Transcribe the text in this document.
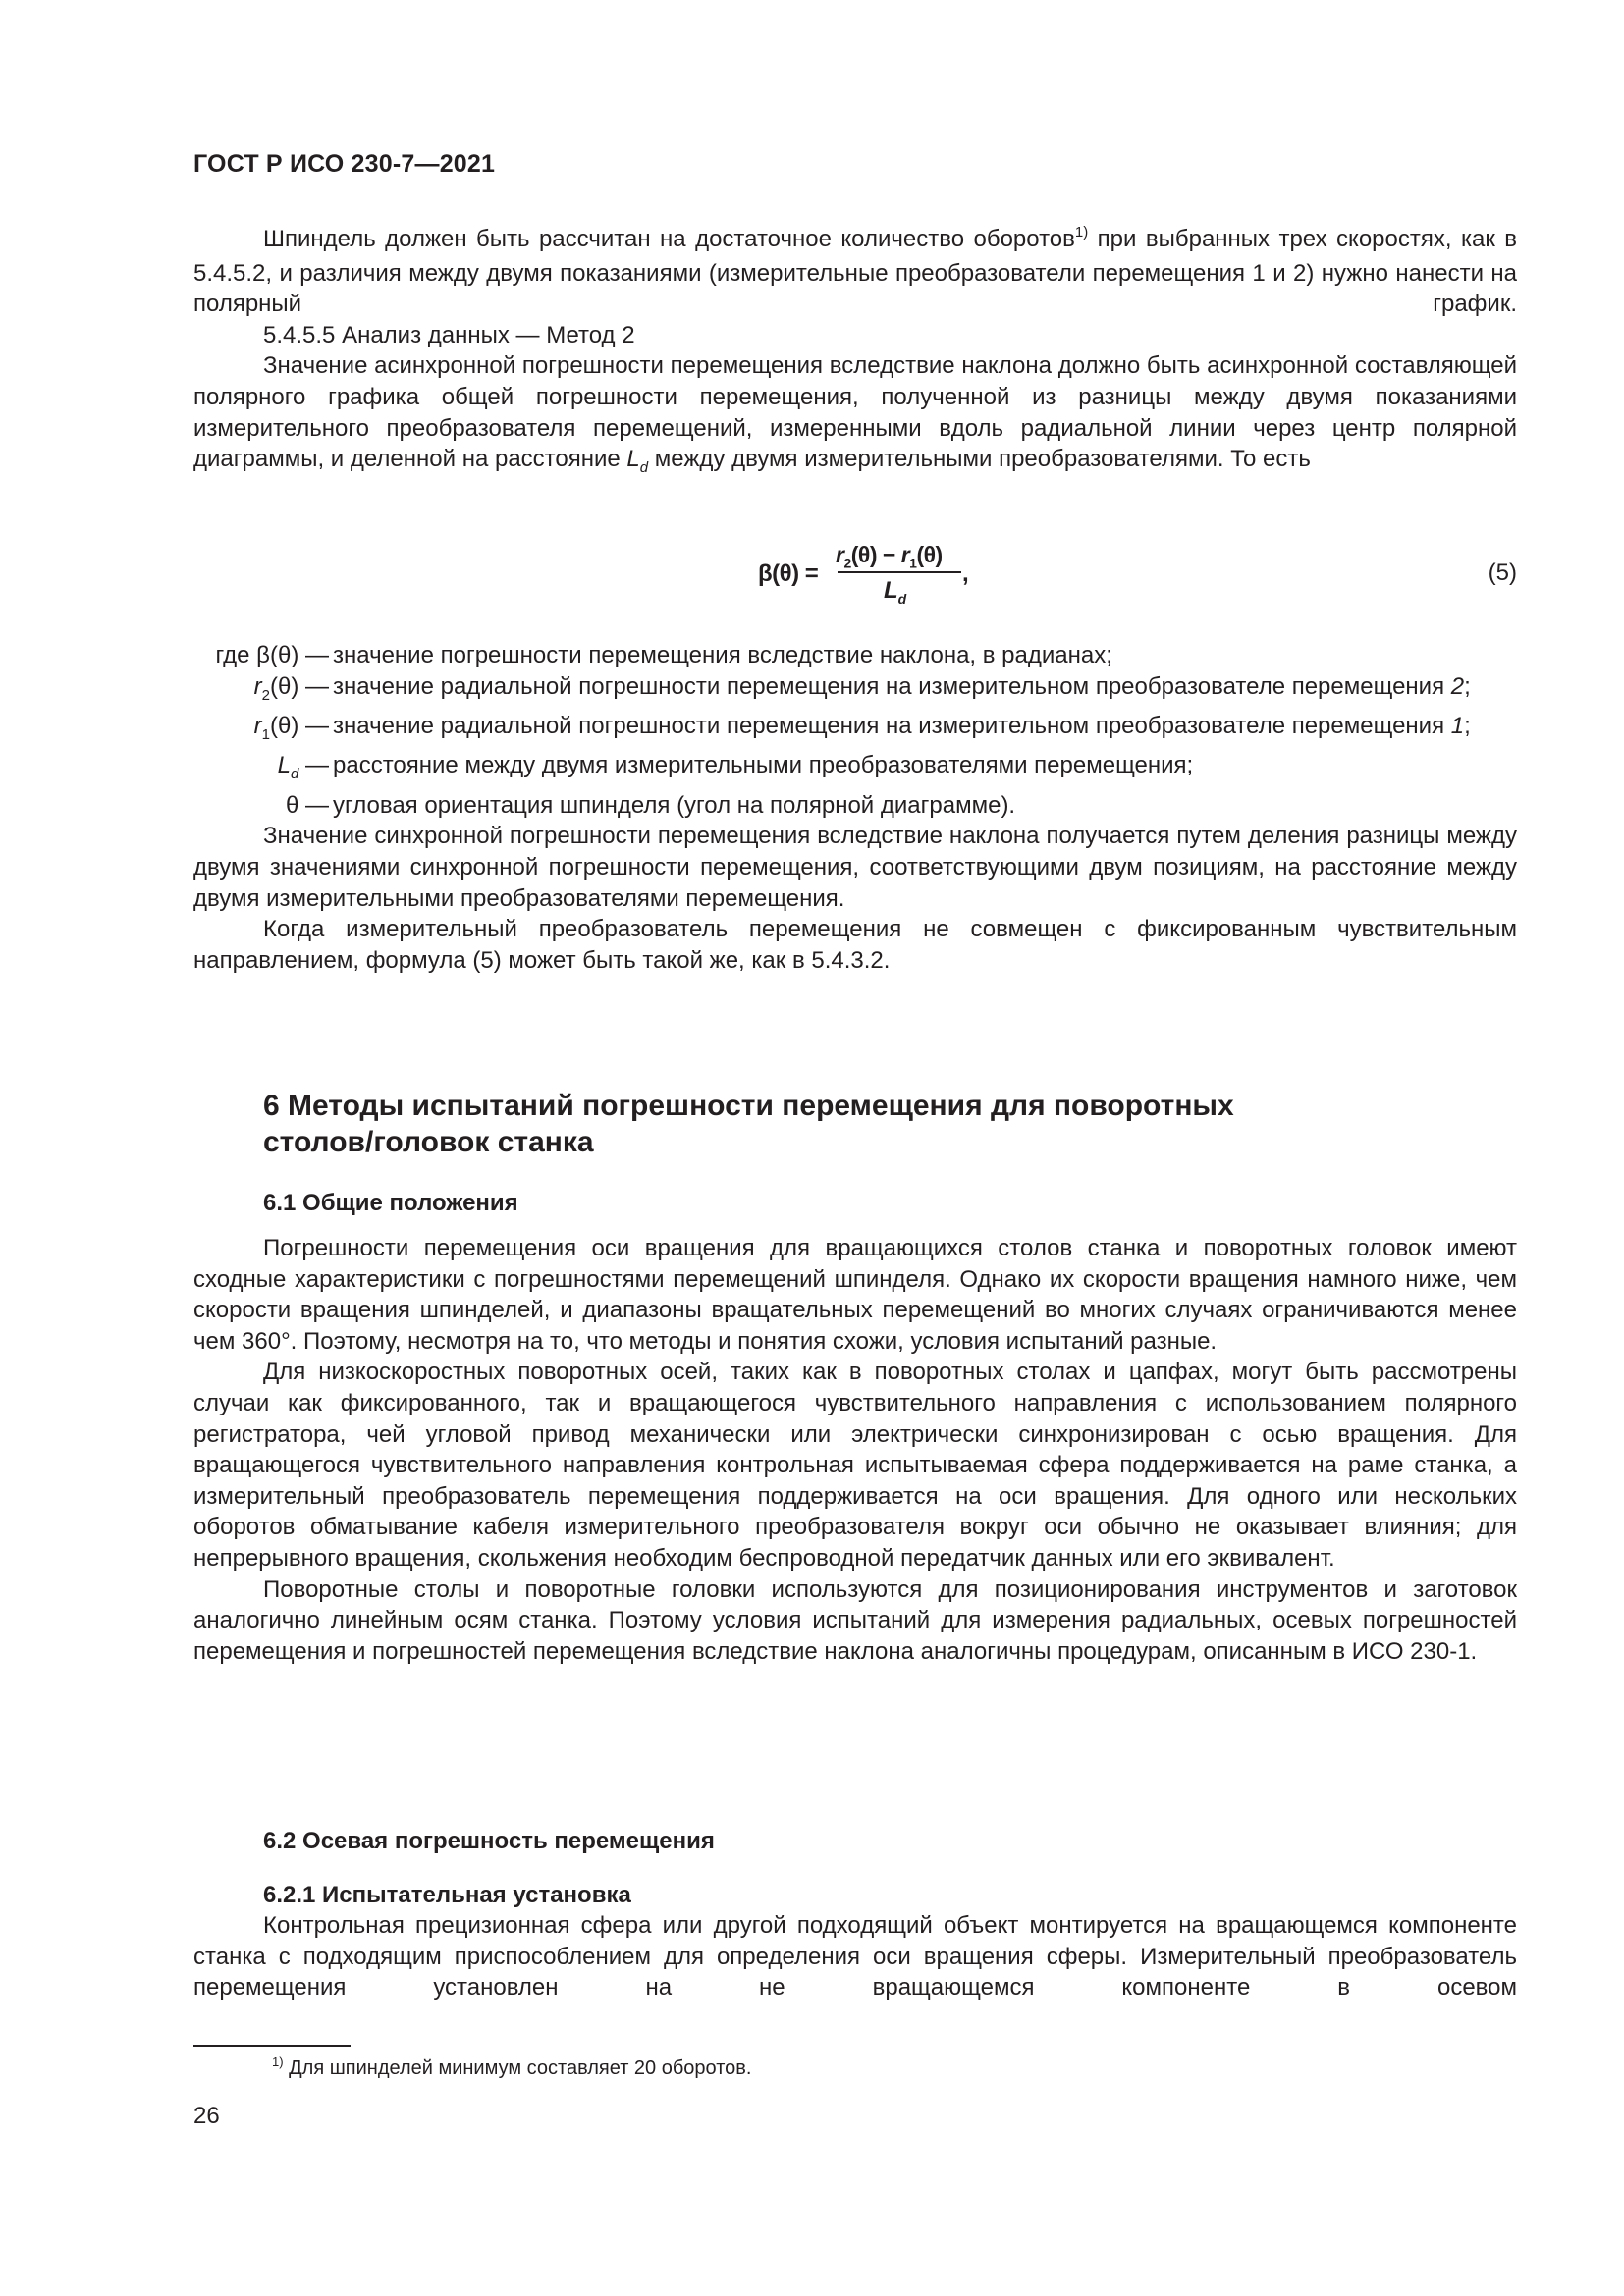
ГОСТ Р ИСО 230-7—2021

Шпиндель должен быть рассчитан на достаточное количество оборотов$^{1)}$ при выбранных трех скоростях, как в 5.4.5.2, и различия между двумя показаниями (измерительные преобразователи перемещения 1 и 2) нужно нанести на полярный график.

5.4.5.5 Анализ данных — Метод 2

Значение асинхронной погрешности перемещения вследствие наклона должно быть асинхронной составляющей полярного графика общей погрешности перемещения, полученной из разницы между двумя показаниями измерительного преобразователя перемещений, измеренными вдоль радиальной линии через центр полярной диаграммы, и деленной на расстояние $L_d$ между двумя измерительными преобразователями. То есть

β(θ) =
$r_2(\theta) - r_1(\theta)$
$L_d$
,	(5)
где β(θ) — значение погрешности перемещения вследствие наклона, в радианах;
$r_2(\theta)$ — значение радиальной погрешности перемещения на измерительном преобразователе перемещения 2;
$r_1(\theta)$ — значение радиальной погрешности перемещения на измерительном преобразователе перемещения 1;
$L_d$ — расстояние между двумя измерительными преобразователями перемещения;
θ — угловая ориентация шпинделя (угол на полярной диаграмме).

Значение синхронной погрешности перемещения вследствие наклона получается путем деления разницы между двумя значениями синхронной погрешности перемещения, соответствующими двум позициям, на расстояние между двумя измерительными преобразователями перемещения.

Когда измерительный преобразователь перемещения не совмещен с фиксированным чувствительным направлением, формула (5) может быть такой же, как в 5.4.3.2.

6 Методы испытаний погрешности перемещения для поворотных столов/головок станка
6.1 Общие положения

Погрешности перемещения оси вращения для вращающихся столов станка и поворотных головок имеют сходные характеристики с погрешностями перемещений шпинделя. Однако их скорости вращения намного ниже, чем скорости вращения шпинделей, и диапазоны вращательных перемещений во многих случаях ограничиваются менее чем 360°. Поэтому, несмотря на то, что методы и понятия схожи, условия испытаний разные.

Для низкоскоростных поворотных осей, таких как в поворотных столах и цапфах, могут быть рассмотрены случаи как фиксированного, так и вращающегося чувствительного направления с использованием полярного регистратора, чей угловой привод механически или электрически синхронизирован с осью вращения. Для вращающегося чувствительного направления контрольная испытываемая сфера поддерживается на раме станка, а измерительный преобразователь перемещения поддерживается на оси вращения. Для одного или нескольких оборотов обматывание кабеля измерительного преобразователя вокруг оси обычно не оказывает влияния; для непрерывного вращения, скольжения необходим беспроводной передатчик данных или его эквивалент.

Поворотные столы и поворотные головки используются для позиционирования инструментов и заготовок аналогично линейным осям станка. Поэтому условия испытаний для измерения радиальных, осевых погрешностей перемещения и погрешностей перемещения вследствие наклона аналогичны процедурам, описанным в ИСО 230-1.

6.2 Осевая погрешность перемещения
6.2.1 Испытательная установка

Контрольная прецизионная сфера или другой подходящий объект монтируется на вращающемся компоненте станка с подходящим приспособлением для определения оси вращения сферы. Измерительный преобразователь перемещения установлен на не вращающемся компоненте в осевом

$^{1)}$ Для шпинделей минимум составляет 20 оборотов.
26
